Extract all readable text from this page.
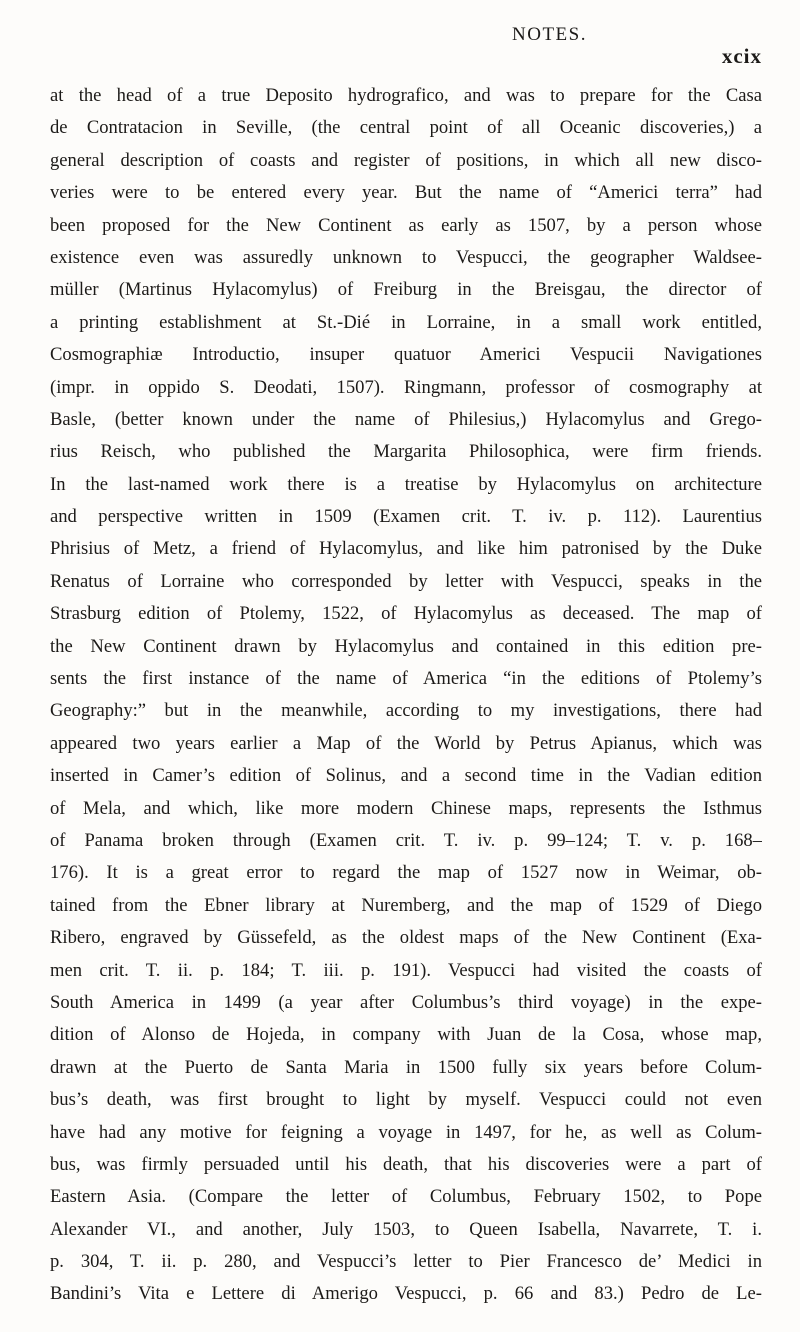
NOTES.
xcix
at the head of a true Deposito hydrografico, and was to prepare for the Casa
de Contratacion in Seville, (the central point of all Oceanic discoveries,) a
general description of coasts and register of positions, in which all new disco-
veries were to be entered every year. But the name of “Americi terra” had
been proposed for the New Continent as early as 1507, by a person whose
existence even was assuredly unknown to Vespucci, the geographer Waldsee-
müller (Martinus Hylacomylus) of Freiburg in the Breisgau, the director of
a printing establishment at St.-Dié in Lorraine, in a small work entitled,
Cosmographiæ Introductio, insuper quatuor Americi Vespucii Navigationes
(impr. in oppido S. Deodati, 1507). Ringmann, professor of cosmography at
Basle, (better known under the name of Philesius,) Hylacomylus and Grego-
rius Reisch, who published the Margarita Philosophica, were firm friends.
In the last-named work there is a treatise by Hylacomylus on architecture
and perspective written in 1509 (Examen crit. T. iv. p. 112). Laurentius
Phrisius of Metz, a friend of Hylacomylus, and like him patronised by the Duke
Renatus of Lorraine who corresponded by letter with Vespucci, speaks in the
Strasburg edition of Ptolemy, 1522, of Hylacomylus as deceased. The map of
the New Continent drawn by Hylacomylus and contained in this edition pre-
sents the first instance of the name of America “in the editions of Ptolemy’s
Geography:” but in the meanwhile, according to my investigations, there had
appeared two years earlier a Map of the World by Petrus Apianus, which was
inserted in Camer’s edition of Solinus, and a second time in the Vadian edition
of Mela, and which, like more modern Chinese maps, represents the Isthmus
of Panama broken through (Examen crit. T. iv. p. 99–124; T. v. p. 168–
176). It is a great error to regard the map of 1527 now in Weimar, ob-
tained from the Ebner library at Nuremberg, and the map of 1529 of Diego
Ribero, engraved by Güssefeld, as the oldest maps of the New Continent (Exa-
men crit. T. ii. p. 184; T. iii. p. 191). Vespucci had visited the coasts of
South America in 1499 (a year after Columbus’s third voyage) in the expe-
dition of Alonso de Hojeda, in company with Juan de la Cosa, whose map,
drawn at the Puerto de Santa Maria in 1500 fully six years before Colum-
bus’s death, was first brought to light by myself. Vespucci could not even
have had any motive for feigning a voyage in 1497, for he, as well as Colum-
bus, was firmly persuaded until his death, that his discoveries were a part of
Eastern Asia. (Compare the letter of Columbus, February 1502, to Pope
Alexander VI., and another, July 1503, to Queen Isabella, Navarrete, T. i.
p. 304, T. ii. p. 280, and Vespucci’s letter to Pier Francesco de’ Medici in
Bandini’s Vita e Lettere di Amerigo Vespucci, p. 66 and 83.) Pedro de Le-
